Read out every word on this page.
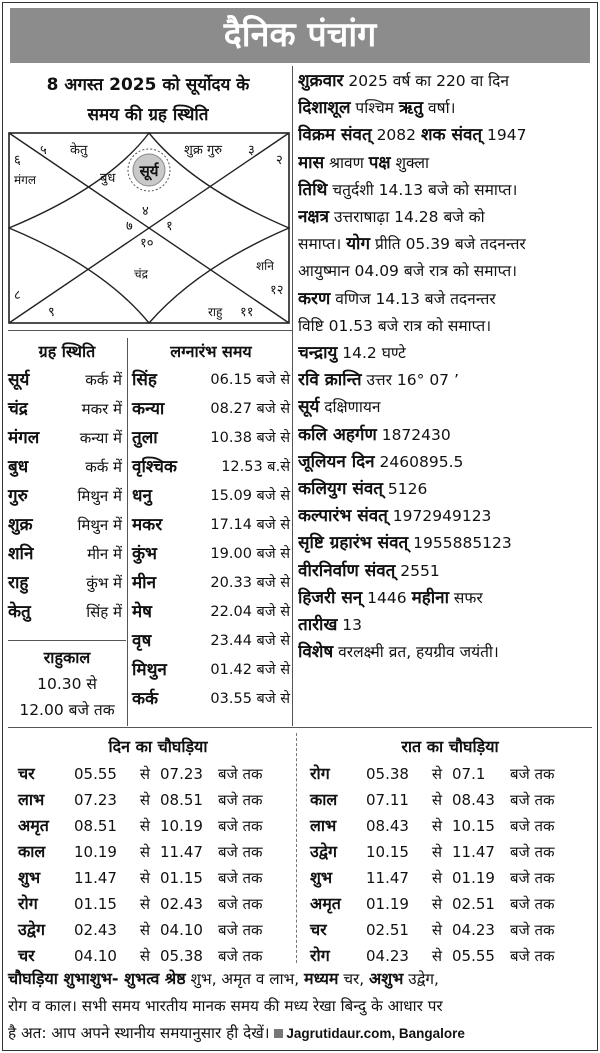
दैनिक पंचांग
8 अगस्त 2025 को सूर्योदय के
समय की ग्रह स्थिति
सूर्य
५ केतु	शुक्र गुरु ३
६
मंगल	बुध
२
४
७	१
१०
चंद्र
शनि
८	१२
९	राहु ११
शुक्रवार 2025 वर्ष का 220 वा दिन
दिशाशूल पश्चिम ऋतु वर्षा।
विक्रम संवत् 2082 शक संवत् 1947
मास श्रावण पक्ष शुक्ला
तिथि चतुर्दशी 14.13 बजे को समाप्त।
नक्षत्र उत्तराषाढ़ा 14.28 बजे को
समाप्त। योग प्रीति 05.39 बजे तदनन्तर
आयुष्मान 04.09 बजे रात्र को समाप्त।
करण वणिज 14.13 बजे तदनन्तर
विष्टि 01.53 बजे रात्र को समाप्त।
चन्द्रायु 14.2 घण्टे
रवि क्रान्ति उत्तर 16° 07 ’
सूर्य दक्षिणायन
कलि अहर्गण 1872430
जूलियन दिन 2460895.5
कलियुग संवत् 5126
कल्पारंभ संवत् 1972949123
सृष्टि ग्रहारंभ संवत् 1955885123
वीरनिर्वाण संवत् 2551
हिजरी सन् 1446 महीना सफर
तारीख 13
विशेष वरलक्ष्मी व्रत, हयग्रीव जयंती।
ग्रह स्थिति
सूर्य	कर्क में
चंद्र	मकर में
मंगल	कन्या में
बुध	कर्क में
गुरु	मिथुन में
शुक्र	मिथुन में
शनि	मीन में
राहु	कुंभ में
केतु	सिंह में
लग्नारंभ समय
सिंह	06.15 बजे से
कन्या	08.27 बजे से
तुला	10.38 बजे से
वृश्चिक	12.53 ब.से
धनु	15.09 बजे से
मकर	17.14 बजे से
कुंभ	19.00 बजे से
मीन	20.33 बजे से
मेष	22.04 बजे से
वृष	23.44 बजे से
मिथुन	01.42 बजे से
कर्क	03.55 बजे से
राहुकाल
10.30 से
12.00 बजे तक
दिन का चौघड़िया
चर	05.55	से 07.23	बजे तक
लाभ	07.23	से 08.51	बजे तक
अमृत	08.51	से 10.19	बजे तक
काल	10.19	से 11.47	बजे तक
शुभ	11.47	से 01.15	बजे तक
रोग	01.15	से 02.43	बजे तक
उद्वेग	02.43	से 04.10	बजे तक
चर	04.10	से 05.38	बजे तक
रात का चौघड़िया
रोग	05.38	से 07.1	बजे तक
काल	07.11	से 08.43	बजे तक
लाभ	08.43	से 10.15	बजे तक
उद्वेग	10.15	से 11.47	बजे तक
शुभ	11.47	से 01.19	बजे तक
अमृत	01.19	से 02.51	बजे तक
चर	02.51	से 04.23	बजे तक
रोग	04.23	से 05.55	बजे तक
चौघड़िया शुभाशुभ- शुभत्व श्रेष्ठ शुभ, अमृत व लाभ, मध्यम चर, अशुभ उद्वेग,
रोग व काल। सभी समय भारतीय मानक समय की मध्य रेखा बिन्दु के आधार पर
है अत: आप अपने स्थानीय समयानुसार ही देखें। Jagrutidaur.com, Bangalore
